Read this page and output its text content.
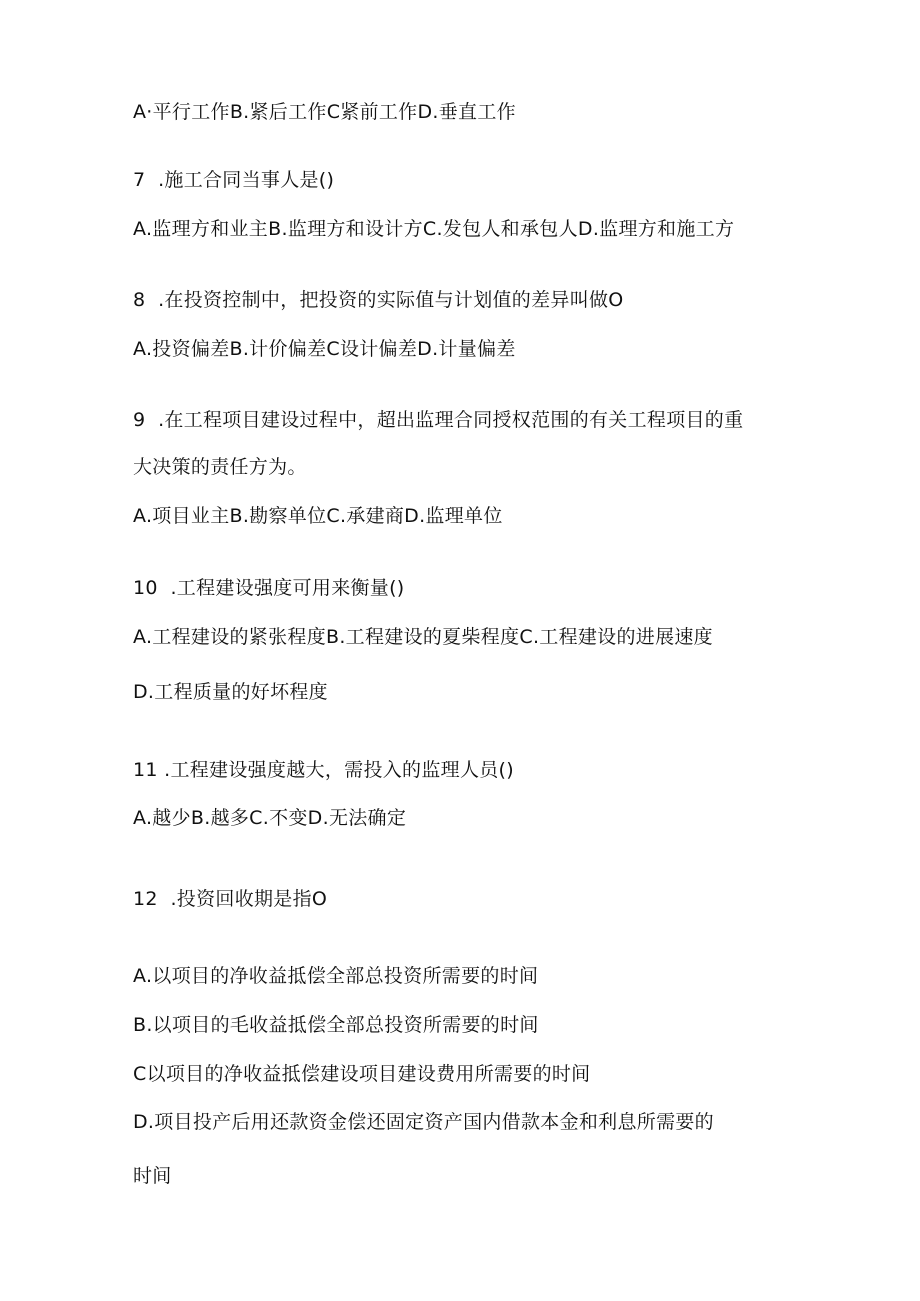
A·平行工作B.紧后工作C紧前工作D.垂直工作
7  .施工合同当事人是()
A.监理方和业主B.监理方和设计方C.发包人和承包人D.监理方和施工方
8  .在投资控制中，把投资的实际值与计划值的差异叫做O
A.投资偏差B.计价偏差C设计偏差D.计量偏差
9  .在工程项目建设过程中，超出监理合同授权范围的有关工程项目的重
大决策的责任方为。
A.项目业主B.勘察单位C.承建商D.监理单位
10  .工程建设强度可用来衡量()
A.工程建设的紧张程度B.工程建设的夏柴程度C.工程建设的进展速度
D.工程质量的好坏程度
11 .工程建设强度越大，需投入的监理人员()
A.越少B.越多C.不变D.无法确定
12  .投资回收期是指O
A.以项目的净收益抵偿全部总投资所需要的时间
B.以项目的毛收益抵偿全部总投资所需要的时间
C以项目的净收益抵偿建设项目建设费用所需要的时间
D.项目投产后用还款资金偿还固定资产国内借款本金和利息所需要的
时间
